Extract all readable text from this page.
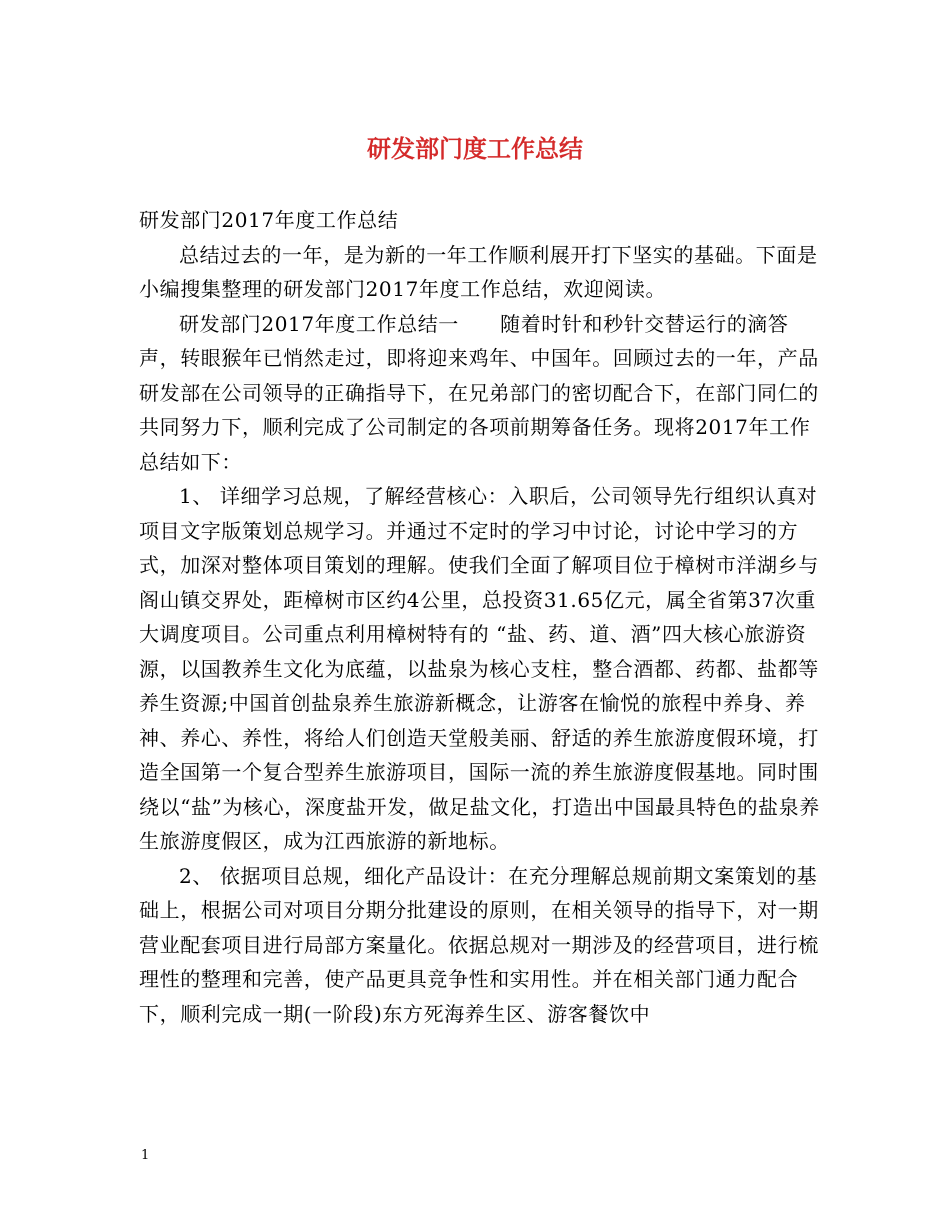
研发部门度工作总结

研发部门2017年度工作总结

总结过去的一年，是为新的一年工作顺利展开打下坚实的基础。下面是小编搜集整理的研发部门2017年度工作总结，欢迎阅读。

研发部门2017年度工作总结一　　随着时针和秒针交替运行的滴答声，转眼猴年已悄然走过，即将迎来鸡年、中国年。回顾过去的一年，产品研发部在公司领导的正确指导下，在兄弟部门的密切配合下，在部门同仁的共同努力下，顺利完成了公司制定的各项前期筹备任务。现将2017年工作总结如下：

1、 详细学习总规，了解经营核心：入职后，公司领导先行组织认真对项目文字版策划总规学习。并通过不定时的学习中讨论，讨论中学习的方式，加深对整体项目策划的理解。使我们全面了解项目位于樟树市洋湖乡与阁山镇交界处，距樟树市区约4公里，总投资31.65亿元，属全省第37次重大调度项目。公司重点利用樟树特有的 “盐、药、道、酒”四大核心旅游资源，以国教养生文化为底蕴，以盐泉为核心支柱，整合酒都、药都、盐都等养生资源;中国首创盐泉养生旅游新概念，让游客在愉悦的旅程中养身、养神、养心、养性，将给人们创造天堂般美丽、舒适的养生旅游度假环境，打造全国第一个复合型养生旅游项目，国际一流的养生旅游度假基地。同时围绕以“盐”为核心，深度盐开发，做足盐文化，打造出中国最具特色的盐泉养生旅游度假区，成为江西旅游的新地标。

2、 依据项目总规，细化产品设计：在充分理解总规前期文案策划的基础上，根据公司对项目分期分批建设的原则，在相关领导的指导下，对一期营业配套项目进行局部方案量化。依据总规对一期涉及的经营项目，进行梳理性的整理和完善，使产品更具竞争性和实用性。并在相关部门通力配合下，顺利完成一期(一阶段)东方死海养生区、游客餐饮中

1
